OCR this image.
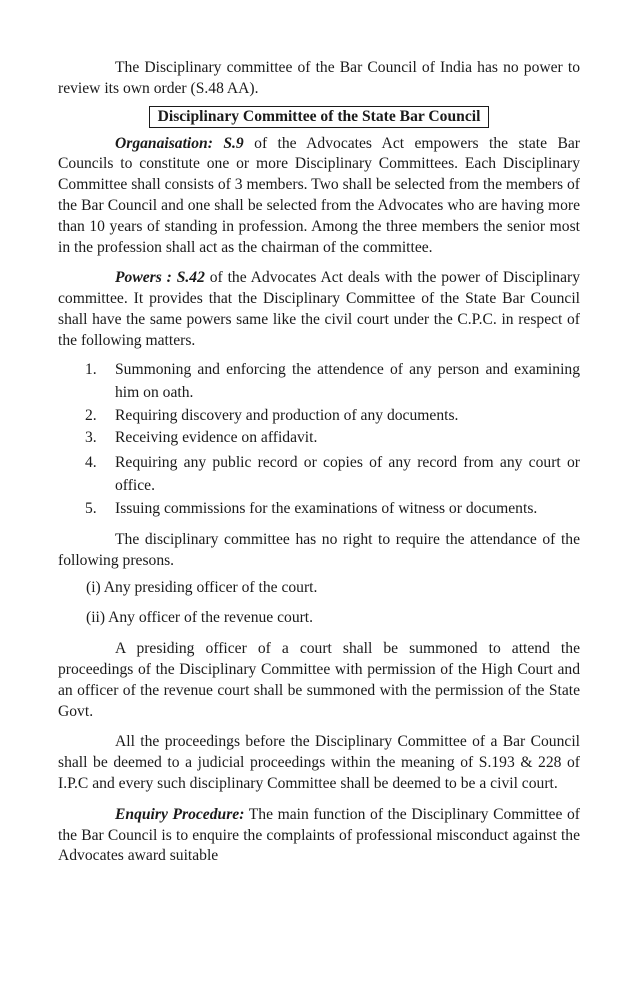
The Disciplinary committee of the Bar Council of India has no power to review its own order (S.48 AA).

Disciplinary Committee of the State Bar Council

Organaisation: S.9 of the Advocates Act empowers the state Bar Councils to constitute one or more Disciplinary Committees. Each Disciplinary Committee shall consists of 3 members. Two shall be selected from the members of the Bar Council and one shall be selected from the Advocates who are having more than 10 years of standing in profession. Among the three members the senior most in the profession shall act as the chairman of the committee.

Powers : S.42 of the Advocates Act deals with the power of Disciplinary committee. It provides that the Disciplinary Committee of the State Bar Council shall have the same powers same like the civil court under the C.P.C. in respect of the following matters.

1. Summoning and enforcing the attendence of any person and examining him on oath.
2. Requiring discovery and production of any documents.
3. Receiving evidence on affidavit.
4. Requiring any public record or copies of any record from any court or office.
5. Issuing commissions for the examinations of witness or documents.

The disciplinary committee has no right to require the attendance of the following presons.

(i) Any presiding officer of the court.
(ii) Any officer of the revenue court.

A presiding officer of a court shall be summoned to attend the proceedings of the Disciplinary Committee with permission of the High Court and an officer of the revenue court shall be summoned with the permission of the State Govt.

All the proceedings before the Disciplinary Committee of a Bar Council shall be deemed to a judicial proceedings within the meaning of S.193 & 228 of I.P.C and every such disciplinary Committee shall be deemed to be a civil court.

Enquiry Procedure: The main function of the Disciplinary Committee of the Bar Council is to enquire the complaints of professional misconduct against the Advocates award suitable
